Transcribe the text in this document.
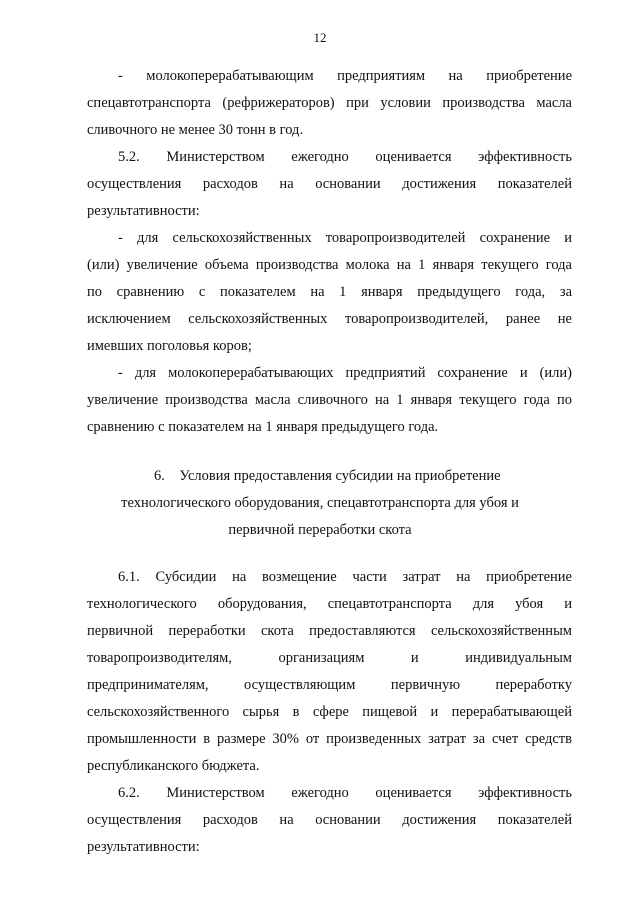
12
- молокоперерабатывающим предприятиям на приобретение
спецавтотранспорта (рефрижераторов) при условии производства масла
сливочного не менее 30 тонн в год.
5.2. Министерством ежегодно оценивается эффективность
осуществления расходов на основании достижения показателей
результативности:
- для сельскохозяйственных товаропроизводителей сохранение и
(или) увеличение объема производства молока на 1 января текущего года
по сравнению с показателем на 1 января предыдущего года, за
исключением сельскохозяйственных товаропроизводителей, ранее не
имевших поголовья коров;
- для молокоперерабатывающих предприятий сохранение и (или)
увеличение производства масла сливочного на 1 января текущего года по
сравнению с показателем на 1 января предыдущего года.
6. Условия предоставления субсидии на приобретение
технологического оборудования, спецавтотранспорта для убоя и
первичной переработки скота
6.1. Субсидии на возмещение части затрат на приобретение
технологического оборудования, спецавтотранспорта для убоя и
первичной переработки скота предоставляются сельскохозяйственным
товаропроизводителям, организациям и индивидуальным
предпринимателям, осуществляющим первичную переработку
сельскохозяйственного сырья в сфере пищевой и перерабатывающей
промышленности в размере 30% от произведенных затрат за счет средств
республиканского бюджета.
6.2. Министерством ежегодно оценивается эффективность
осуществления расходов на основании достижения показателей
результативности:
